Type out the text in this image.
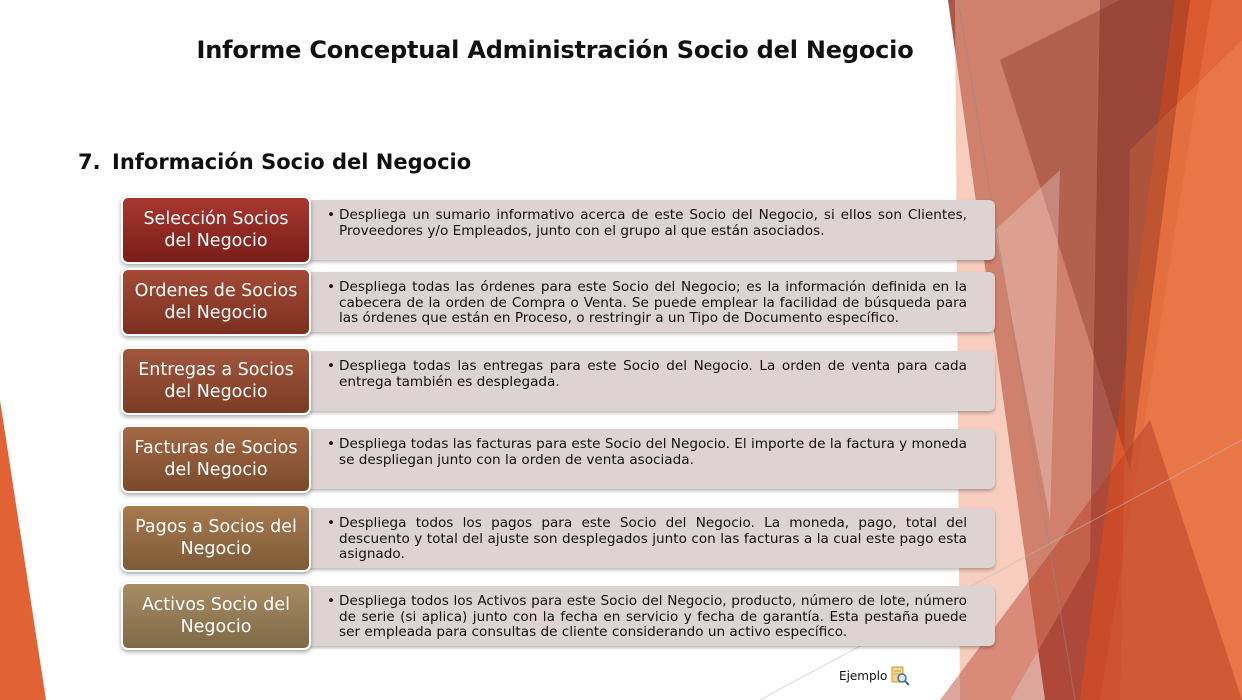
Informe Conceptual Administración Socio del Negocio
7. Información Socio del Negocio
• Despliega un sumario informativo acerca de este Socio del Negocio, si ellos son Clientes, Proveedores y/o Empleados, junto con el grupo al que están asociados.
Selección Socios del Negocio
• Despliega todas las órdenes para este Socio del Negocio; es la información definida en la cabecera de la orden de Compra o Venta. Se puede emplear la facilidad de búsqueda para las órdenes que están en Proceso, o restringir a un Tipo de Documento específico.
Ordenes de Socios del Negocio
• Despliega todas las entregas para este Socio del Negocio. La orden de venta para cada entrega también es desplegada.
Entregas a Socios del Negocio
• Despliega todas las facturas para este Socio del Negocio. El importe de la factura y moneda se despliegan junto con la orden de venta asociada.
Facturas de Socios del Negocio
• Despliega todos los pagos para este Socio del Negocio. La moneda, pago, total del descuento y total del ajuste son desplegados junto con las facturas a la cual este pago esta asignado.
Pagos a Socios del Negocio
• Despliega todos los Activos para este Socio del Negocio, producto, número de lote, número de serie (si aplica) junto con la fecha en servicio y fecha de garantía. Esta pestaña puede ser empleada para consultas de cliente considerando un activo específico.
Activos Socio del Negocio
Ejemplo
